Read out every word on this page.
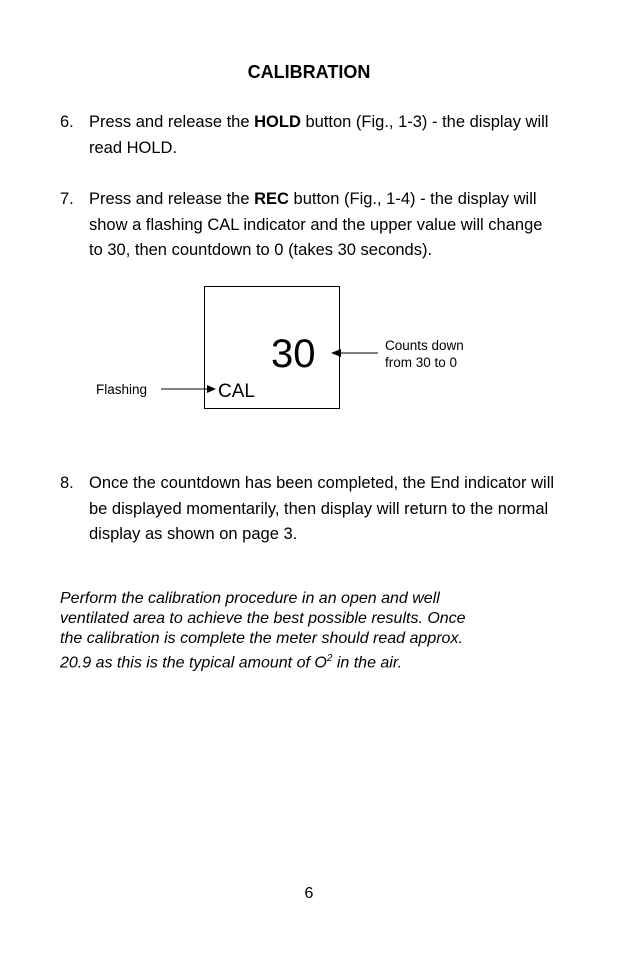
CALIBRATION
6. Press and release the HOLD button (Fig., 1-3) - the display will read HOLD.
7. Press and release the REC button (Fig., 1-4) - the display will show a flashing CAL indicator and the upper value will change to 30, then countdown to 0 (takes 30 seconds).
30
CAL
Counts down
from 30 to 0
Flashing
8. Once the countdown has been completed, the End indicator will be displayed momentarily, then display will return to the normal display as shown on page 3.

Perform the calibration procedure in an open and well

ventilated area to achieve the best possible results. Once

the calibration is complete the meter should read approx.

20.9 as this is the typical amount of $O^2$ in the air.

6
